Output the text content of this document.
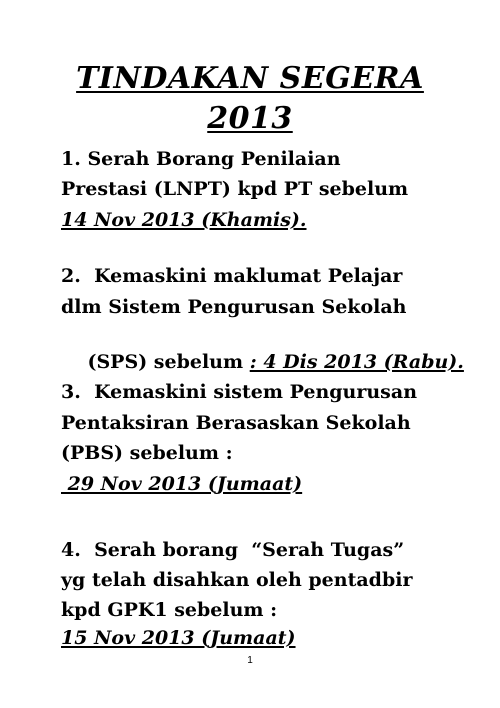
TINDAKAN SEGERA
2013
1. Serah Borang Penilaian
Prestasi (LNPT) kpd PT sebelum
14 Nov 2013 (Khamis).
2.  Kemaskini maklumat Pelajar
dlm Sistem Pengurusan Sekolah

(SPS) sebelum : 4 Dis 2013 (Rabu).

3.  Kemaskini sistem Pengurusan
Pentaksiran Berasaskan Sekolah
(PBS) sebelum :
29 Nov 2013 (Jumaat)
4.  Serah borang  “Serah Tugas”
yg telah disahkan oleh pentadbir
kpd GPK1 sebelum :
15 Nov 2013 (Jumaat)
1
